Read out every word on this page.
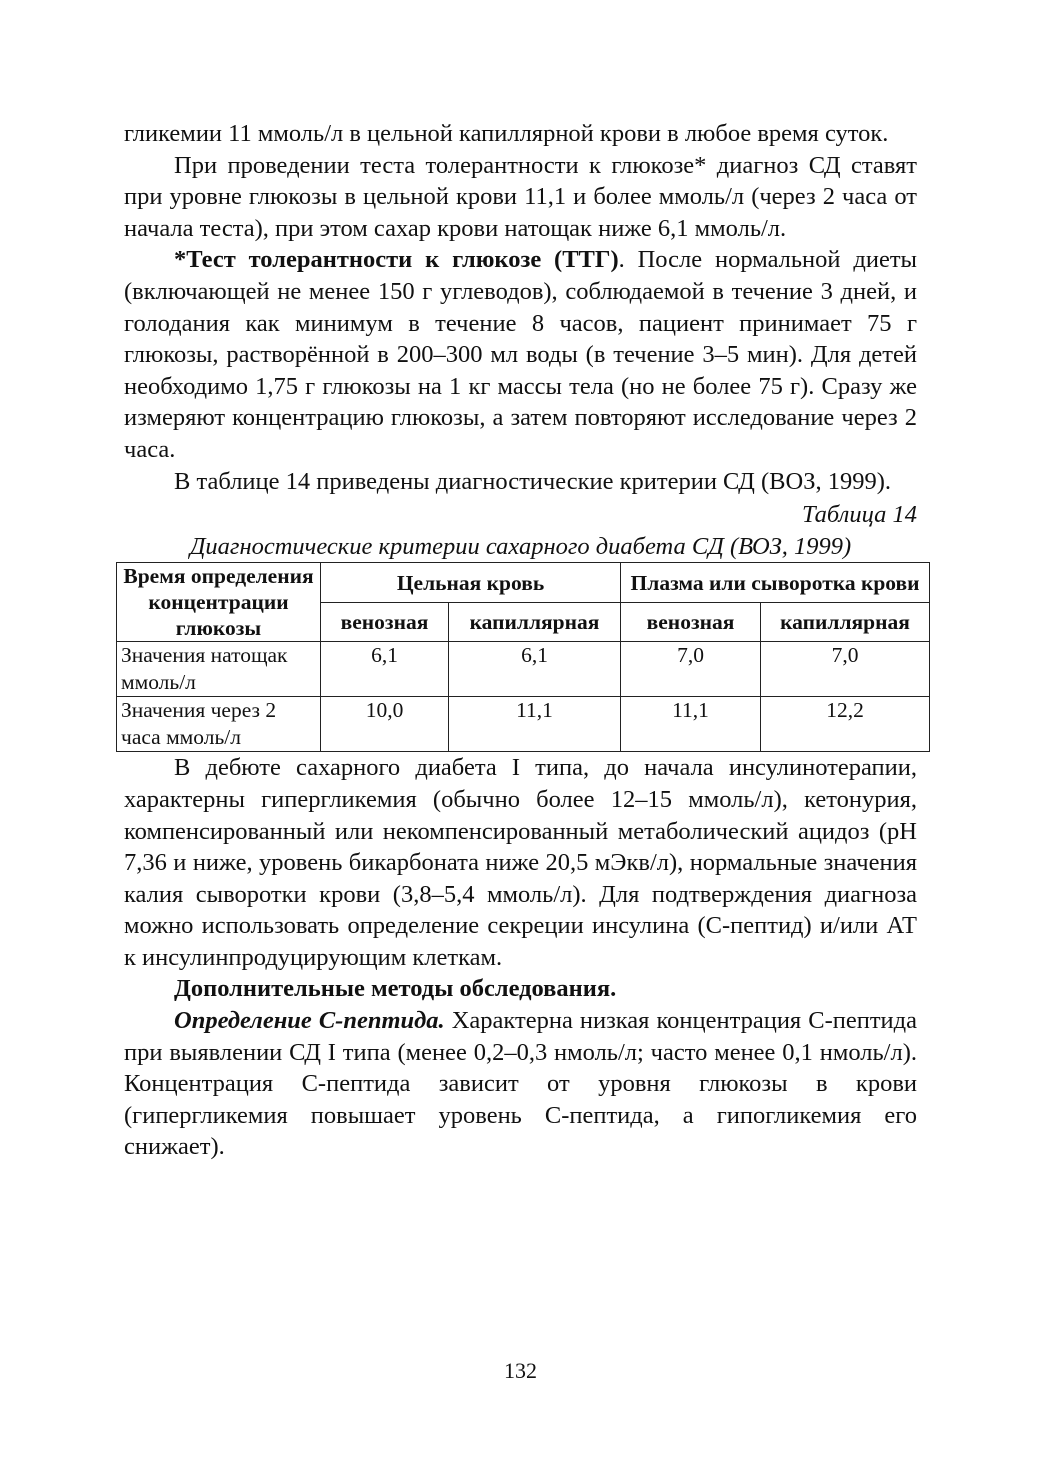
гликемии 11 ммоль/л в цельной капиллярной крови в любое время суток.

При проведении теста толерантности к глюкозе* диагноз СД ставят при уровне глюкозы в цельной крови 11,1 и более ммоль/л (через 2 часа от начала теста), при этом сахар крови натощак ниже 6,1 ммоль/л.

*Тест толерантности к глюкозе (ТТГ). После нормальной диеты (включающей не менее 150 г углеводов), соблюдаемой в течение 3 дней, и голодания как минимум в течение 8 часов, пациент принимает 75 г глюкозы, растворённой в 200–300 мл воды (в течение 3–5 мин). Для детей необходимо 1,75 г глюкозы на 1 кг массы тела (но не более 75 г). Сразу же измеряют концентрацию глюкозы, а затем повторяют исследование через 2 часа.

В таблице 14 приведены диагностические критерии СД (ВОЗ, 1999).

Таблица 14

Диагностические критерии сахарного диабета СД (ВОЗ, 1999)

Время определения концентрации глюкозы	Цельная кровь		Плазма или сыворотка крови	
	венозная	капиллярная	венозная	капиллярная
Значения натощак ммоль/л	6,1	6,1	7,0	7,0
Значения через 2 часа ммоль/л	10,0	11,1	11,1	12,2

В дебюте сахарного диабета I типа, до начала инсулинотерапии, характерны гипергликемия (обычно более 12–15 ммоль/л), кетонурия, компенсированный или некомпенсированный метаболический ацидоз (pH 7,36 и ниже, уровень бикарбоната ниже 20,5 мЭкв/л), нормальные значения калия сыворотки крови (3,8–5,4 ммоль/л). Для подтверждения диагноза можно использовать определение секреции инсулина (С-пептид) и/или АТ к инсулинпродуцирующим клеткам.

Дополнительные методы обследования.

Определение С-пептида. Характерна низкая концентрация С-пептида при выявлении СД I типа (менее 0,2–0,3 нмоль/л; часто менее 0,1 нмоль/л). Концентрация С-пептида зависит от уровня глюкозы в крови (гипергликемия повышает уровень С-пептида, а гипогликемия его снижает).

132
